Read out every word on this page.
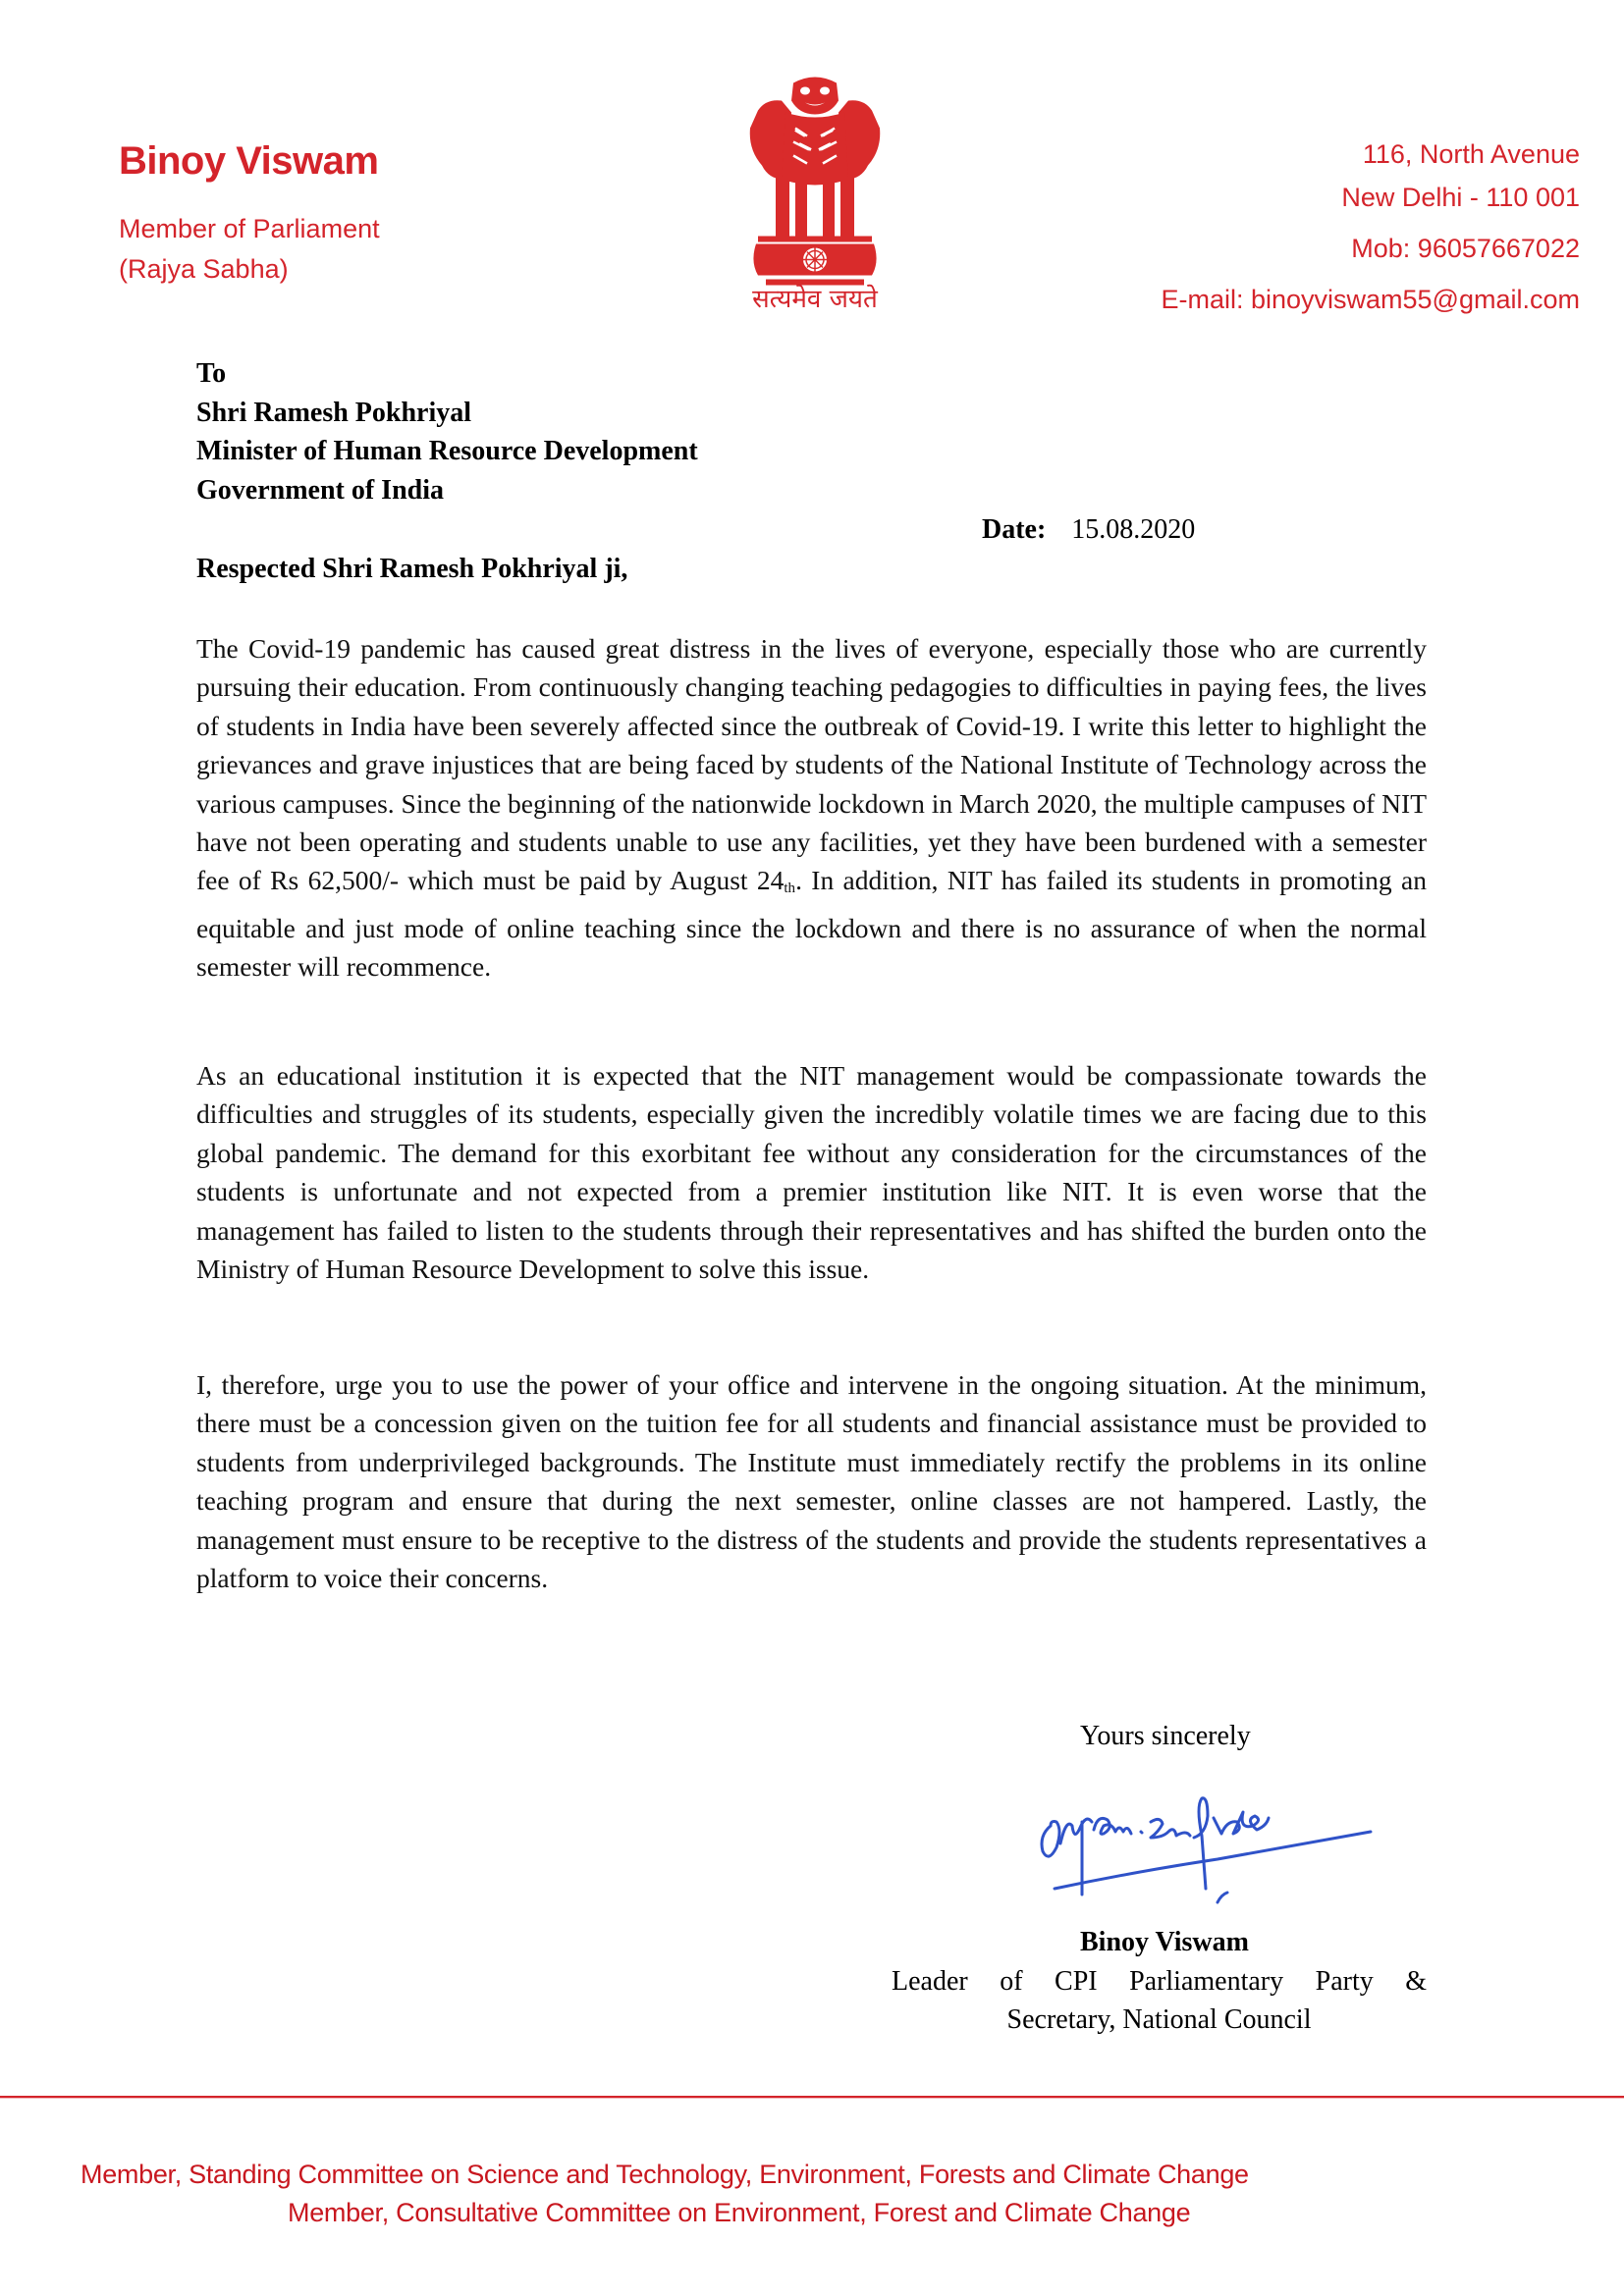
Binoy Viswam
Member of Parliament
(Rajya Sabha)
सत्यमेव जयते
116, North Avenue
New Delhi - 110 001
Mob: 96057667022
E-mail: binoyviswam55@gmail.com
To
Shri Ramesh Pokhriyal
Minister of Human Resource Development
Government of India
Date: 15.08.2020
Respected Shri Ramesh Pokhriyal ji,
The Covid-19 pandemic has caused great distress in the lives of everyone, especially those who are currently pursuing their education. From continuously changing teaching pedagogies to difficulties in paying fees, the lives of students in India have been severely affected since the outbreak of Covid-19. I write this letter to highlight the grievances and grave injustices that are being faced by students of the National Institute of Technology across the various campuses. Since the beginning of the nationwide lockdown in March 2020, the multiple campuses of NIT have not been operating and students unable to use any facilities, yet they have been burdened with a semester fee of Rs 62,500/- which must be paid by August $24_{th}$. In addition, NIT has failed its students in promoting an equitable and just mode of online teaching since the lockdown and there is no assurance of when the normal semester will recommence.
As an educational institution it is expected that the NIT management would be compassionate towards the difficulties and struggles of its students, especially given the incredibly volatile times we are facing due to this global pandemic. The demand for this exorbitant fee without any consideration for the circumstances of the students is unfortunate and not expected from a premier institution like NIT. It is even worse that the management has failed to listen to the students through their representatives and has shifted the burden onto the Ministry of Human Resource Development to solve this issue.
I, therefore, urge you to use the power of your office and intervene in the ongoing situation. At the minimum, there must be a concession given on the tuition fee for all students and financial assistance must be provided to students from underprivileged backgrounds. The Institute must immediately rectify the problems in its online teaching program and ensure that during the next semester, online classes are not hampered. Lastly, the management must ensure to be receptive to the distress of the students and provide the students representatives a platform to voice their concerns.
Yours sincerely
Binoy Viswam
Leader of CPI Parliamentary Party &
Secretary, National Council
Member, Standing Committee on Science and Technology, Environment, Forests and Climate Change
Member, Consultative Committee on Environment, Forest and Climate Change
